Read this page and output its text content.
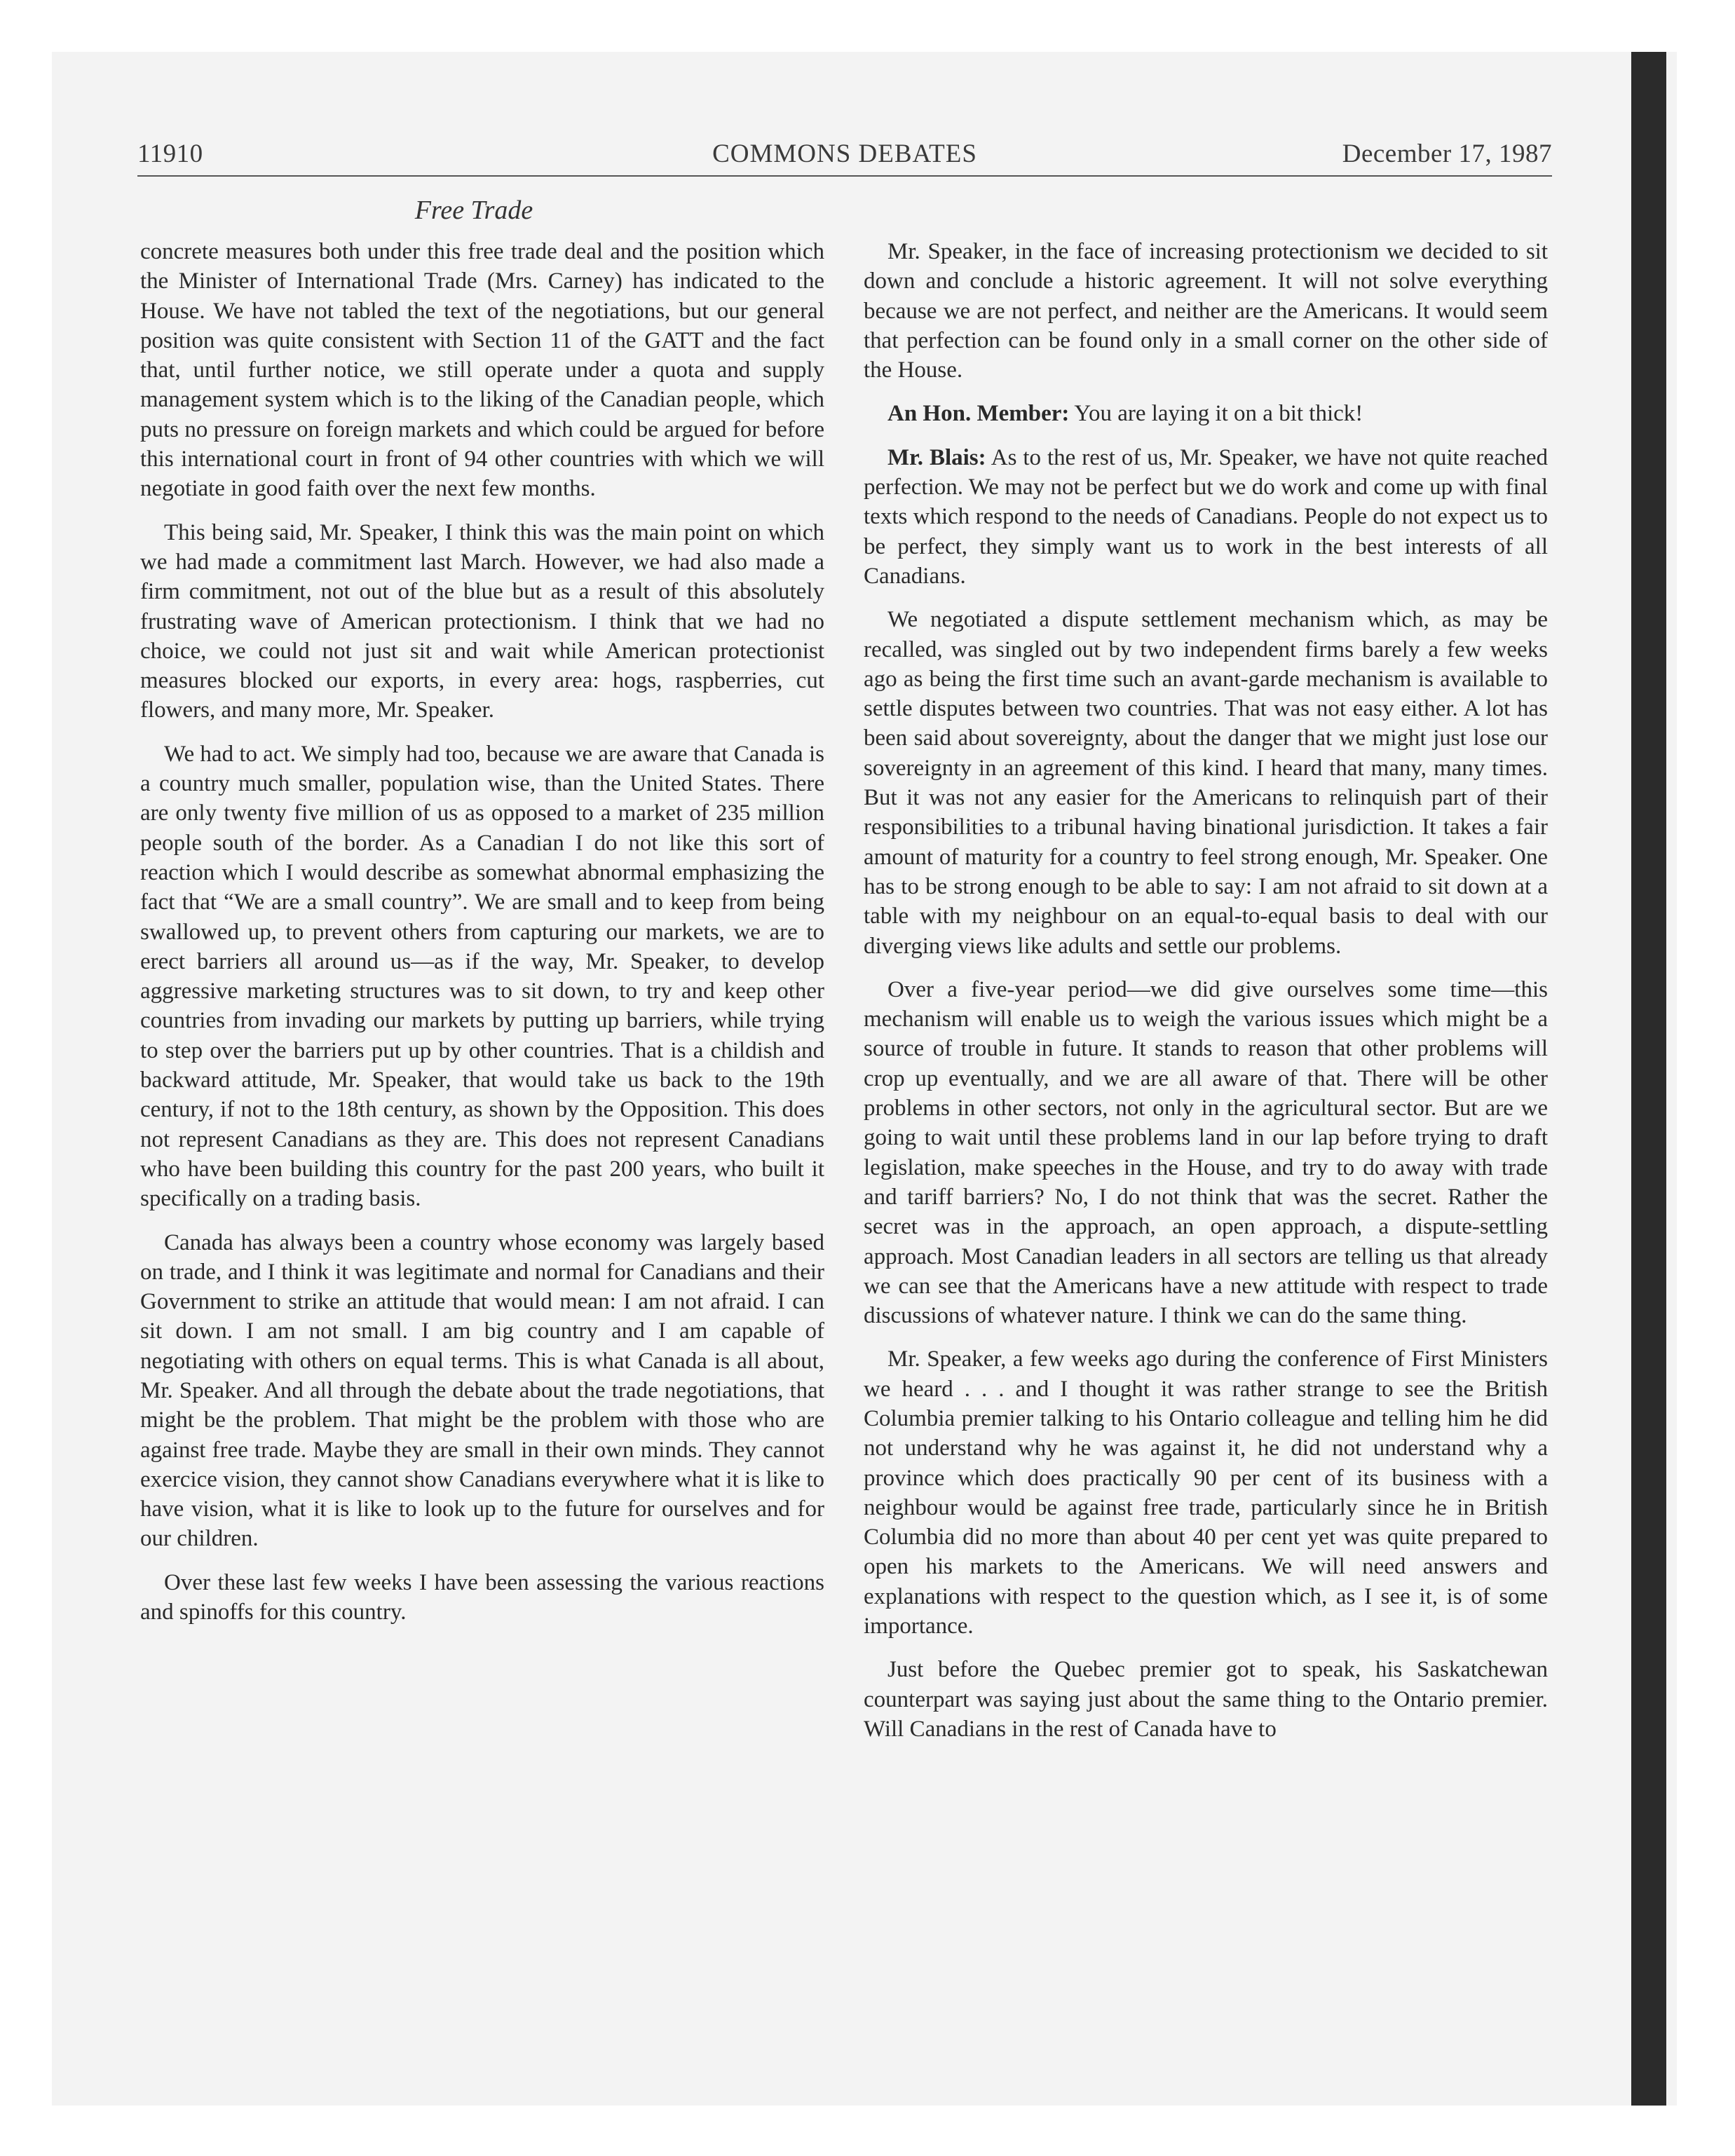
11910	COMMONS DEBATES	December 17, 1987
Free Trade

concrete measures both under this free trade deal and the position which the Minister of International Trade (Mrs. Carney) has indicated to the House. We have not tabled the text of the negotiations, but our general position was quite consistent with Section 11 of the GATT and the fact that, until further notice, we still operate under a quota and supply management system which is to the liking of the Canadian people, which puts no pressure on foreign markets and which could be argued for before this international court in front of 94 other countries with which we will negotiate in good faith over the next few months.

This being said, Mr. Speaker, I think this was the main point on which we had made a commitment last March. However, we had also made a firm commitment, not out of the blue but as a result of this absolutely frustrating wave of American protectionism. I think that we had no choice, we could not just sit and wait while American protectionist measures blocked our exports, in every area: hogs, raspberries, cut flowers, and many more, Mr. Speaker.

We had to act. We simply had too, because we are aware that Canada is a country much smaller, population wise, than the United States. There are only twenty five million of us as opposed to a market of 235 million people south of the border. As a Canadian I do not like this sort of reaction which I would describe as somewhat abnormal emphasizing the fact that “We are a small country”. We are small and to keep from being swallowed up, to prevent others from capturing our markets, we are to erect barriers all around us—as if the way, Mr. Speaker, to develop aggressive marketing structures was to sit down, to try and keep other countries from invading our markets by putting up barriers, while trying to step over the barriers put up by other countries. That is a childish and backward attitude, Mr. Speaker, that would take us back to the 19th century, if not to the 18th century, as shown by the Opposition. This does not represent Canadians as they are. This does not represent Canadians who have been building this country for the past 200 years, who built it specifically on a trading basis.

Canada has always been a country whose economy was largely based on trade, and I think it was legitimate and normal for Canadians and their Government to strike an attitude that would mean: I am not afraid. I can sit down. I am not small. I am big country and I am capable of negotiating with others on equal terms. This is what Canada is all about, Mr. Speaker. And all through the debate about the trade negotiations, that might be the problem. That might be the problem with those who are against free trade. Maybe they are small in their own minds. They cannot exercice vision, they cannot show Canadians everywhere what it is like to have vision, what it is like to look up to the future for ourselves and for our children.

Over these last few weeks I have been assessing the various reactions and spinoffs for this country.

Mr. Speaker, in the face of increasing protectionism we decided to sit down and conclude a historic agreement. It will not solve everything because we are not perfect, and neither are the Americans. It would seem that perfection can be found only in a small corner on the other side of the House.

An Hon. Member: You are laying it on a bit thick!

Mr. Blais: As to the rest of us, Mr. Speaker, we have not quite reached perfection. We may not be perfect but we do work and come up with final texts which respond to the needs of Canadians. People do not expect us to be perfect, they simply want us to work in the best interests of all Canadians.

We negotiated a dispute settlement mechanism which, as may be recalled, was singled out by two independent firms barely a few weeks ago as being the first time such an avant-garde mechanism is available to settle disputes between two countries. That was not easy either. A lot has been said about sovereignty, about the danger that we might just lose our sovereignty in an agreement of this kind. I heard that many, many times. But it was not any easier for the Americans to relinquish part of their responsibilities to a tribunal having binational jurisdiction. It takes a fair amount of maturity for a country to feel strong enough, Mr. Speaker. One has to be strong enough to be able to say: I am not afraid to sit down at a table with my neighbour on an equal-to-equal basis to deal with our diverging views like adults and settle our problems.

Over a five-year period—we did give ourselves some time—this mechanism will enable us to weigh the various issues which might be a source of trouble in future. It stands to reason that other problems will crop up eventually, and we are all aware of that. There will be other problems in other sectors, not only in the agricultural sector. But are we going to wait until these problems land in our lap before trying to draft legislation, make speeches in the House, and try to do away with trade and tariff barriers? No, I do not think that was the secret. Rather the secret was in the approach, an open approach, a dispute-settling approach. Most Canadian leaders in all sectors are telling us that already we can see that the Americans have a new attitude with respect to trade discussions of whatever nature. I think we can do the same thing.

Mr. Speaker, a few weeks ago during the conference of First Ministers we heard . . . and I thought it was rather strange to see the British Columbia premier talking to his Ontario colleague and telling him he did not understand why he was against it, he did not understand why a province which does practically 90 per cent of its business with a neighbour would be against free trade, particularly since he in British Columbia did no more than about 40 per cent yet was quite prepared to open his markets to the Americans. We will need answers and explanations with respect to the question which, as I see it, is of some importance.

Just before the Quebec premier got to speak, his Saskatchewan counterpart was saying just about the same thing to the Ontario premier. Will Canadians in the rest of Canada have to
